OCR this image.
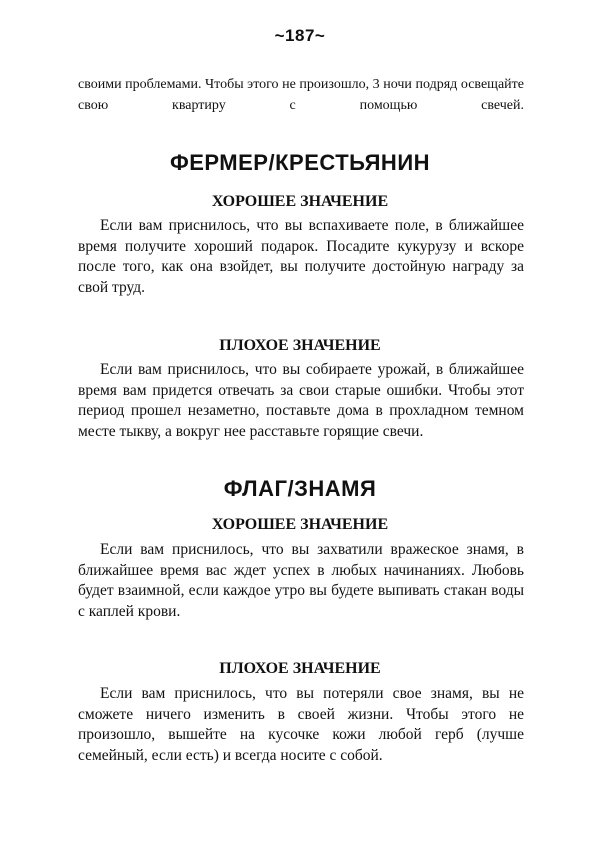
~187~
своими проблемами. Чтобы этого не произошло, 3 ночи подряд освещайте свою квартиру с помощью свечей.
ФЕРМЕР/КРЕСТЬЯНИН
ХОРОШЕЕ ЗНАЧЕНИЕ

Если вам приснилось, что вы вспахиваете поле, в ближайшее время получите хороший подарок. Посадите кукурузу и вскоре после того, как она взойдет, вы получите достойную награду за свой труд.

ПЛОХОЕ ЗНАЧЕНИЕ

Если вам приснилось, что вы собираете урожай, в ближайшее время вам придется отвечать за свои старые ошибки. Чтобы этот период прошел незаметно, поставьте дома в прохладном темном месте тыкву, а вокруг нее расставьте горящие свечи.

ФЛАГ/ЗНАМЯ
ХОРОШЕЕ ЗНАЧЕНИЕ

Если вам приснилось, что вы захватили вражеское знамя, в ближайшее время вас ждет успех в любых начинаниях. Любовь будет взаимной, если каждое утро вы будете выпивать стакан воды с каплей крови.

ПЛОХОЕ ЗНАЧЕНИЕ

Если вам приснилось, что вы потеряли свое знамя, вы не сможете ничего изменить в своей жизни. Чтобы этого не произошло, вышейте на кусочке кожи любой герб (лучше семейный, если есть) и всегда носите с собой.
